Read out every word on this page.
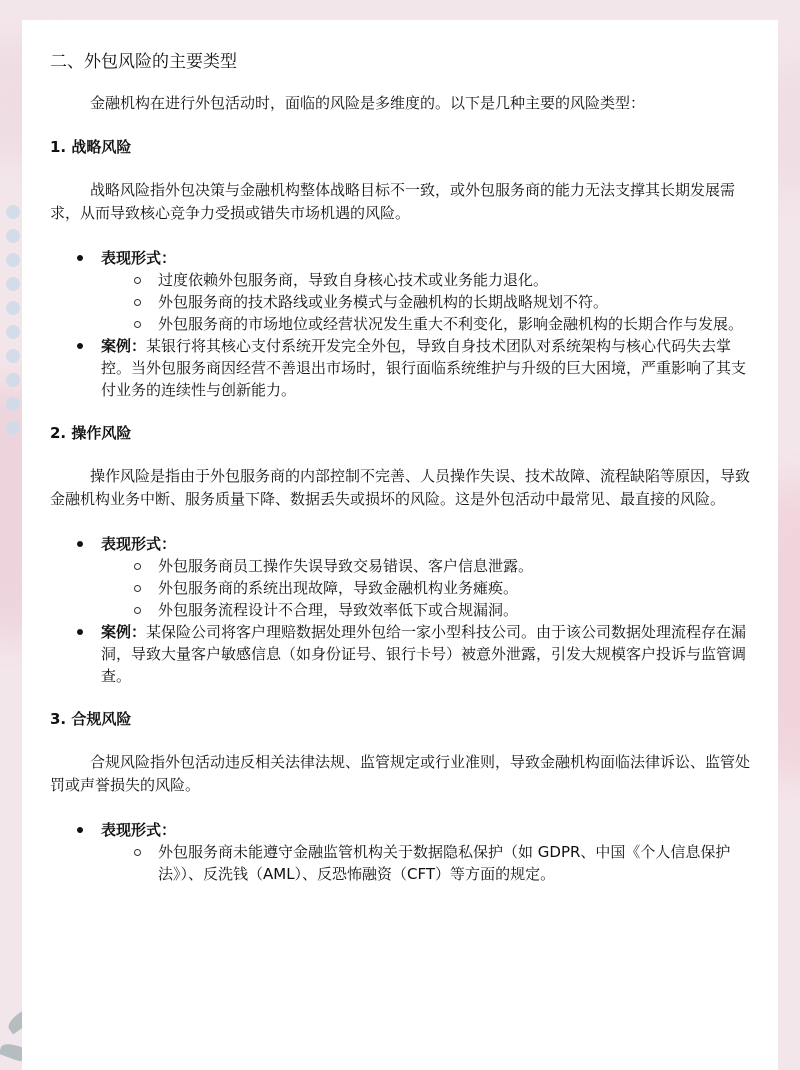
二、外包风险的主要类型

金融机构在进行外包活动时，面临的风险是多维度的。以下是几种主要的风险类型：

1. 战略风险

战略风险指外包决策与金融机构整体战略目标不一致，或外包服务商的能力无法支撑其长期发展需求，从而导致核心竞争力受损或错失市场机遇的风险。

表现形式：
过度依赖外包服务商，导致自身核心技术或业务能力退化。
外包服务商的技术路线或业务模式与金融机构的长期战略规划不符。
外包服务商的市场地位或经营状况发生重大不利变化，影响金融机构的长期合作与发展。
案例：某银行将其核心支付系统开发完全外包，导致自身技术团队对系统架构与核心代码失去掌控。当外包服务商因经营不善退出市场时，银行面临系统维护与升级的巨大困境，严重影响了其支付业务的连续性与创新能力。
2. 操作风险

操作风险是指由于外包服务商的内部控制不完善、人员操作失误、技术故障、流程缺陷等原因，导致金融机构业务中断、服务质量下降、数据丢失或损坏的风险。这是外包活动中最常见、最直接的风险。

表现形式：
外包服务商员工操作失误导致交易错误、客户信息泄露。
外包服务商的系统出现故障，导致金融机构业务瘫痪。
外包服务流程设计不合理，导致效率低下或合规漏洞。
案例：某保险公司将客户理赔数据处理外包给一家小型科技公司。由于该公司数据处理流程存在漏洞，导致大量客户敏感信息（如身份证号、银行卡号）被意外泄露，引发大规模客户投诉与监管调查。
3. 合规风险

合规风险指外包活动违反相关法律法规、监管规定或行业准则，导致金融机构面临法律诉讼、监管处罚或声誉损失的风险。

表现形式：
外包服务商未能遵守金融监管机构关于数据隐私保护（如 GDPR、中国《个人信息保护法》）、反洗钱（AML）、反恐怖融资（CFT）等方面的规定。
